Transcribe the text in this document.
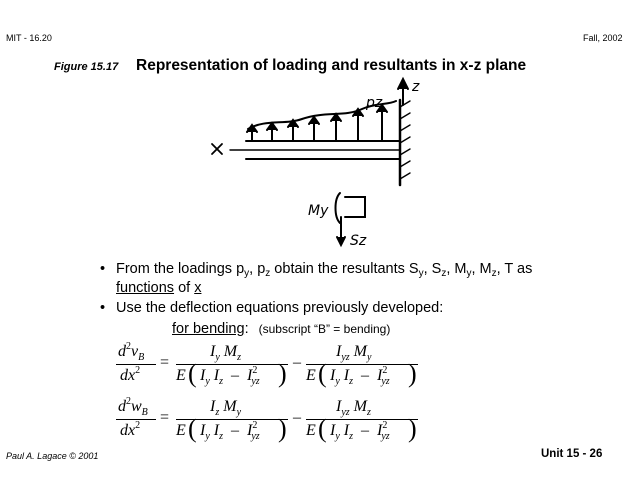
MIT - 16.20	Fall, 2002
Figure 15.17 Representation of loading and resultants in x-z plane
pz
z
My
Sz
• From the loadings $p_y$, $p_z$ obtain the resultants $S_y$, $S_z$, $M_y$, $M_z$, T as
functions of x
• Use the deflection equations previously developed:
for bending: (subscript “B” = bending)
$d^2v_B$
$dx^2$ =
$I_y$ $M_z$
E ( $I_y$ $I_z - I^2_{yz}$ ) –
$I_{yz}$ $M_y$
E ( $I_y$ $I_z - I^2_{yz}$ )
$d^2w_B$
$dx^2$ =
$I_z$ $M_y$
E ( $I_y$ $I_z - I^2_{yz}$ ) –
$I_{yz}$ $M_z$
E ( $I_y$ $I_z - I^2_{yz}$ )
Paul A. Lagace © 2001	Unit 15 - 26
